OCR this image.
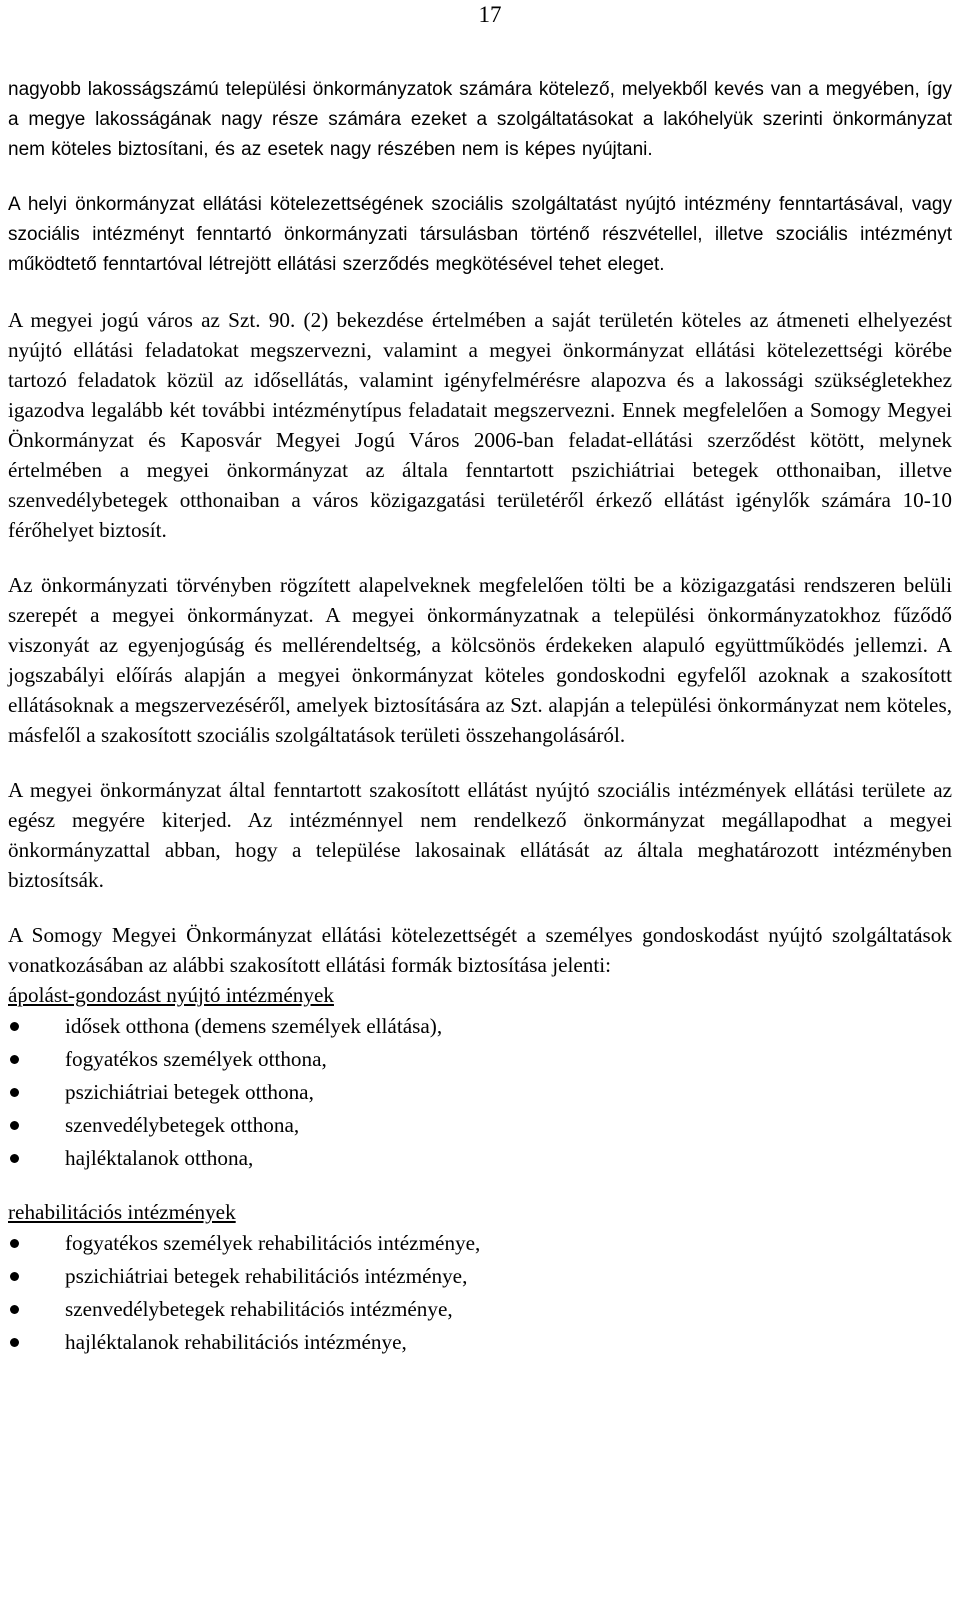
17

nagyobb lakosságszámú települési önkormányzatok számára kötelező, melyekből kevés van a megyében, így a megye lakosságának nagy része számára ezeket a szolgáltatásokat a lakóhelyük szerinti önkormányzat nem köteles biztosítani, és az esetek nagy részében nem is képes nyújtani.

A helyi önkormányzat ellátási kötelezettségének szociális szolgáltatást nyújtó intézmény fenntartásával, vagy szociális intézményt fenntartó önkormányzati társulásban történő részvétellel, illetve szociális intézményt működtető fenntartóval létrejött ellátási szerződés megkötésével tehet eleget.

A megyei jogú város az Szt. 90. (2) bekezdése értelmében a saját területén köteles az átmeneti elhelyezést nyújtó ellátási feladatokat megszervezni, valamint a megyei önkormányzat ellátási kötelezettségi körébe tartozó feladatok közül az idősellátás, valamint igényfelmérésre alapozva és a lakossági szükségletekhez igazodva legalább két további intézménytípus feladatait megszervezni. Ennek megfelelően a Somogy Megyei Önkormányzat és Kaposvár Megyei Jogú Város 2006-ban feladat-ellátási szerződést kötött, melynek értelmében a megyei önkormányzat az általa fenntartott pszichiátriai betegek otthonaiban, illetve szenvedélybetegek otthonaiban a város közigazgatási területéről érkező ellátást igénylők számára 10-10 férőhelyet biztosít.

Az önkormányzati törvényben rögzített alapelveknek megfelelően tölti be a közigazgatási rendszeren belüli szerepét a megyei önkormányzat. A megyei önkormányzatnak a települési önkormányzatokhoz fűződő viszonyát az egyenjogúság és mellérendeltség, a kölcsönös érdekeken alapuló együttműködés jellemzi. A jogszabályi előírás alapján a megyei önkormányzat köteles gondoskodni egyfelől azoknak a szakosított ellátásoknak a megszervezéséről, amelyek biztosítására az Szt. alapján a települési önkormányzat nem köteles, másfelől a szakosított szociális szolgáltatások területi összehangolásáról.

A megyei önkormányzat által fenntartott szakosított ellátást nyújtó szociális intézmények ellátási területe az egész megyére kiterjed. Az intézménnyel nem rendelkező önkormányzat megállapodhat a megyei önkormányzattal abban, hogy a települése lakosainak ellátását az általa meghatározott intézményben biztosítsák.

A Somogy Megyei Önkormányzat ellátási kötelezettségét a személyes gondoskodást nyújtó szolgáltatások vonatkozásában az alábbi szakosított ellátási formák biztosítása jelenti:

ápolást-gondozást nyújtó intézmények

idősek otthona (demens személyek ellátása),
fogyatékos személyek otthona,
pszichiátriai betegek otthona,
szenvedélybetegek otthona,
hajléktalanok otthona,

rehabilitációs intézmények

fogyatékos személyek rehabilitációs intézménye,
pszichiátriai betegek rehabilitációs intézménye,
szenvedélybetegek rehabilitációs intézménye,
hajléktalanok rehabilitációs intézménye,
